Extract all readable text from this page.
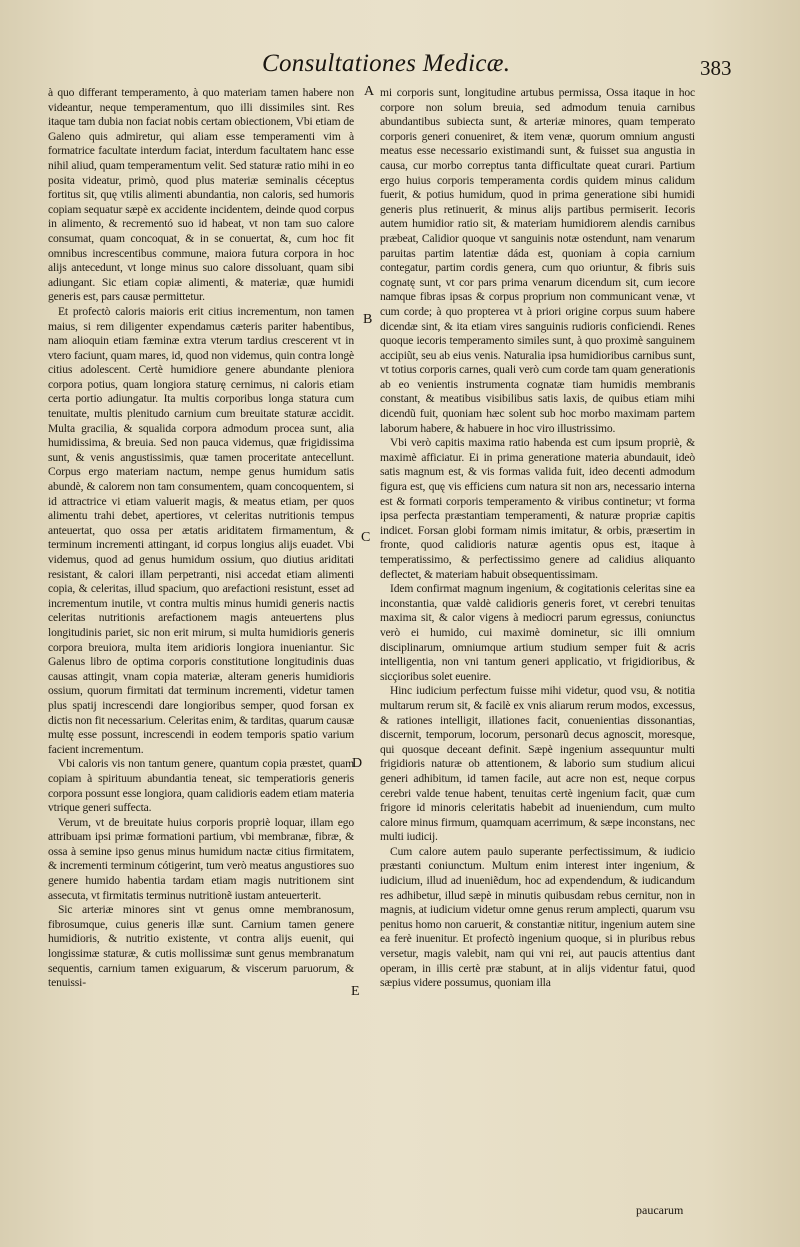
Consultationes Medicæ.	383

à quo differant temperamento, à quo materiam tamen habere non videantur, neque temperamentum, quo illi dissimiles sint. Res itaque tam dubia non faciat nobis certam obiectionem, Vbi etiam de Galeno quis admiretur, qui aliam esse temperamenti vim à formatrice facultate interdum faciat, interdum facultatem hanc esse nihil aliud, quam temperamentum velit. Sed staturæ ratio mihi in eo posita videatur, primò, quod plus materiæ seminalis céceptus fortitus sit, quę vtilis alimenti abundantia, non caloris, sed humoris copiam sequatur sæpè ex accidente incidentem, deinde quod corpus in alimento, & recrementó suo id habeat, vt non tam suo calore consumat, quam concoquat, & in se conuertat, &, cum hoc fit omnibus increscentibus commune, maiora futura corpora in hoc alijs antecedunt, vt longe minus suo calore dissoluant, quam sibi adiungant. Sic etiam copiæ alimenti, & materiæ, quæ humidi generis est, pars causæ permittetur.

Et profectò caloris maioris erit citius incrementum, non tamen maius, si rem diligenter expendamus cæteris pariter habentibus, nam alioquin etiam fæminæ extra vterum tardius crescerent vt in vtero faciunt, quam mares, id, quod non videmus, quin contra longè citius adolescent. Certè humidiore genere abundante pleniora corpora potius, quam longiora staturę cernimus, ni caloris etiam certa portio adiungatur. Ita multis corporibus longa statura cum tenuitate, multis plenitudo carnium cum breuitate staturæ accidit. Multa gracilia, & squalida corpora admodum procea sunt, alia humidissima, & breuia. Sed non pauca videmus, quæ frigidissima sunt, & venis angustissimis, quæ tamen proceritate antecellunt. Corpus ergo materiam nactum, nempe genus humidum satis abundè, & calorem non tam consumentem, quam concoquentem, si id attractrice vi etiam valuerit magis, & meatus etiam, per quos alimentu trahi debet, apertiores, vt celeritas nutritionis tempus anteuertat, quo ossa per ætatis ariditatem firmamentum, & terminum incrementi attingant, id corpus longius alijs euadet. Vbi videmus, quod ad genus humidum ossium, quo diutius ariditati resistant, & calori illam perpetranti, nisi accedat etiam alimenti copia, & celeritas, illud spacium, quo arefactioni resistunt, esset ad incrementum inutile, vt contra multis minus humidi generis nactis celeritas nutritionis arefactionem magis anteuertens plus longitudinis pariet, sic non erit mirum, si multa humidioris generis corpora breuiora, multa item aridioris longiora inueniantur. Sic Galenus libro de optima corporis constitutione longitudinis duas causas attingit, vnam copia materiæ, alteram generis humidioris ossium, quorum firmitati dat terminum incrementi, videtur tamen plus spatij increscendi dare longioribus semper, quod forsan ex dictis non fit necessarium. Celeritas enim, & tarditas, quarum causæ multę esse possunt, increscendi in eodem temporis spatio varium facient incrementum.

Vbi caloris vis non tantum genere, quantum copia præstet, quam copiam à spirituum abundantia teneat, sic temperatioris generis corpora possunt esse longiora, quam calidioris eadem etiam materia vtrique generi suffecta.

Verum, vt de breuitate huius corporis propriè loquar, illam ego attribuam ipsi primæ formationi partium, vbi membranæ, fibræ, & ossa à semine ipso genus minus humidum nactæ citius firmitatem, & incrementi terminum cótigerint, tum verò meatus angustiores suo genere humido habentia tardam etiam magis nutritionem sint assecuta, vt firmitatis terminus nutritionẽ iustam anteuerterit.

Sic arteriæ minores sint vt genus omne membranosum, fibrosumque, cuius generis illæ sunt. Carnium tamen genere humidioris, & nutritio existente, vt contra alijs euenit, qui longissimæ staturæ, & cutis mollissimæ sunt genus membranatum sequentis, carnium tamen exiguarum, & viscerum paruorum, & tenuissi-

A
B
C
D
E

mi corporis sunt, longitudine artubus permissa, Ossa itaque in hoc corpore non solum breuia, sed admodum tenuia carnibus abundantibus subiecta sunt, & arteriæ minores, quam temperato corporis generi conueniret, & item venæ, quorum omnium angusti meatus esse necessario existimandi sunt, & fuisset sua angustia in causa, cur morbo correptus tanta difficultate queat curari. Partium ergo huius corporis temperamenta cordis quidem minus calidum fuerit, & potius humidum, quod in prima generatione sibi humidi generis plus retinuerit, & minus alijs partibus permiserit. Iecoris autem humidior ratio sit, & materiam humidiorem alendis carnibus præbeat, Calidior quoque vt sanguinis notæ ostendunt, nam venarum paruitas partim latentiæ dáda est, quoniam à copia carnium contegatur, partim cordis genera, cum quo oriuntur, & fibris suis cognatę sunt, vt cor pars prima venarum dicendum sit, cum iecore namque fibras ipsas & corpus proprium non communicant venæ, vt cum corde; à quo propterea vt à priori origine corpus suum habere dicendæ sint, & ita etiam vires sanguinis rudioris conficiendi. Renes quoque iecoris temperamento similes sunt, à quo proximè sanguinem accipiũt, seu ab eius venis. Naturalia ipsa humidioribus carnibus sunt, vt totius corporis carnes, quali verò cum corde tam quam generationis ab eo venientis instrumenta cognatæ tiam humidis membranis constant, & meatibus visibilibus satis laxis, de quibus etiam mihi dicendũ fuit, quoniam hæc solent sub hoc morbo maximam partem laborum habere, & habuere in hoc viro illustrissimo.

Vbi verò capitis maxima ratio habenda est cum ipsum propriè, & maximè afficiatur. Ei in prima generatione materia abundauit, ideò satis magnum est, & vis formas valida fuit, ideo decenti admodum figura est, quę vis efficiens cum natura sit non ars, necessario interna est & formati corporis temperamento & viribus continetur; vt forma ipsa perfecta præstantiam temperamenti, & naturæ propriæ capitis indicet. Forsan globi formam nimis imitatur, & orbis, præsertim in fronte, quod calidioris naturæ agentis opus est, itaque à temperatissimo, & perfectissimo genere ad calidius aliquanto deflectet, & materiam habuit obsequentissimam.

Idem confirmat magnum ingenium, & cogitationis celeritas sine ea inconstantia, quæ valdè calidioris generis foret, vt cerebri tenuitas maxima sit, & calor vigens à mediocri parum egressus, coniunctus verò ei humido, cui maximè dominetur, sic illi omnium disciplinarum, omniumque artium studium semper fuit & acris intelligentia, non vni tantum generi applicatio, vt frigidioribus, & sicçioribus solet euenire.

Hinc iudicium perfectum fuisse mihi videtur, quod vsu, & notitia multarum rerum sit, & facilè ex vnis aliarum rerum modos, excessus, & rationes intelligit, illationes facit, conuenientias dissonantias, discernit, temporum, locorum, personarũ decus agnoscit, moresque, qui quosque deceant definit. Sæpè ingenium assequuntur multi frigidioris naturæ ob attentionem, & laborio sum studium alicui generi adhibitum, id tamen facile, aut acre non est, neque corpus cerebri valde tenue habent, tenuitas certè ingenium facit, quæ cum frigore id minoris celeritatis habebit ad inueniendum, cum multo calore minus firmum, quamquam acerrimum, & sæpe inconstans, nec multi iudicij.

Cum calore autem paulo superante perfectissimum, & iudicio præstanti coniunctum. Multum enim interest inter ingenium, & iudicium, illud ad inueniẽdum, hoc ad expendendum, & iudicandum res adhibetur, illud sæpè in minutis quibusdam rebus cernitur, non in magnis, at iudicium videtur omne genus rerum amplecti, quarum vsu penitus homo non caruerit, & constantiæ nititur, ingenium autem sine ea ferè inuenitur. Et profectò ingenium quoque, si in pluribus rebus versetur, magis valebit, nam qui vni rei, aut paucis attentius dant operam, in illis certè præ stabunt, at in alijs videntur fatui, quod sæpius videre possumus, quoniam illa

paucarum
